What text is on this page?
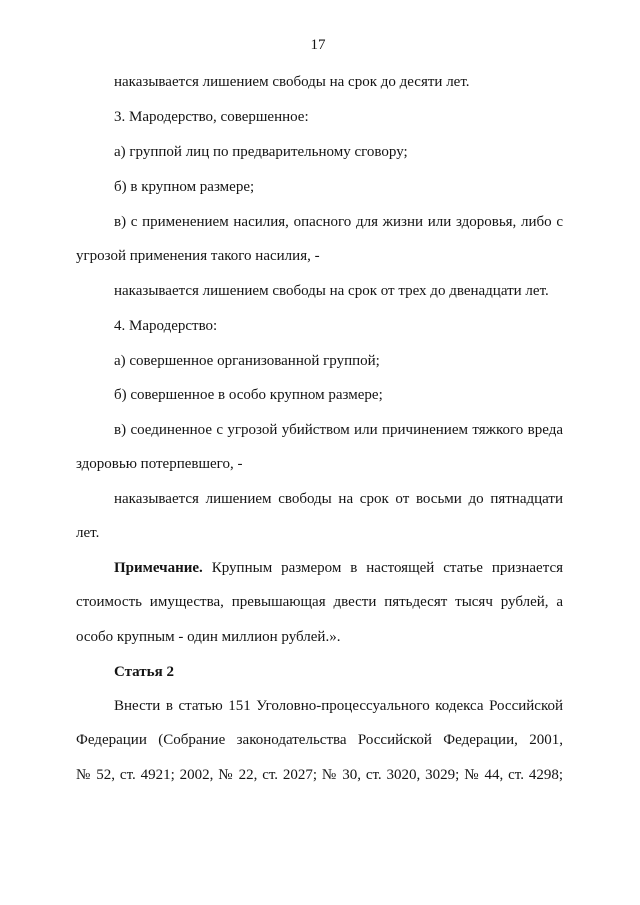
17
наказывается лишением свободы на срок до десяти лет.
3. Мародерство, совершенное:
а) группой лиц по предварительному сговору;
б) в крупном размере;
в) с применением насилия, опасного для жизни или здоровья, либо с
угрозой применения такого насилия, -
наказывается лишением свободы на срок от трех до двенадцати лет.
4. Мародерство:
а) совершенное организованной группой;
б) совершенное в особо крупном размере;
в) соединенное с угрозой убийством или причинением тяжкого вреда
здоровью потерпевшего, -
наказывается лишением свободы на срок от восьми до пятнадцати
лет.
Примечание. Крупным размером в настоящей статье признается
стоимость имущества, превышающая двести пятьдесят тысяч рублей, а
особо крупным - один миллион рублей.».
Статья 2
Внести в статью 151 Уголовно-процессуального кодекса Российской
Федерации (Собрание законодательства Российской Федерации, 2001,
№ 52, ст. 4921; 2002, № 22, ст. 2027; № 30, ст. 3020, 3029; № 44, ст. 4298;
